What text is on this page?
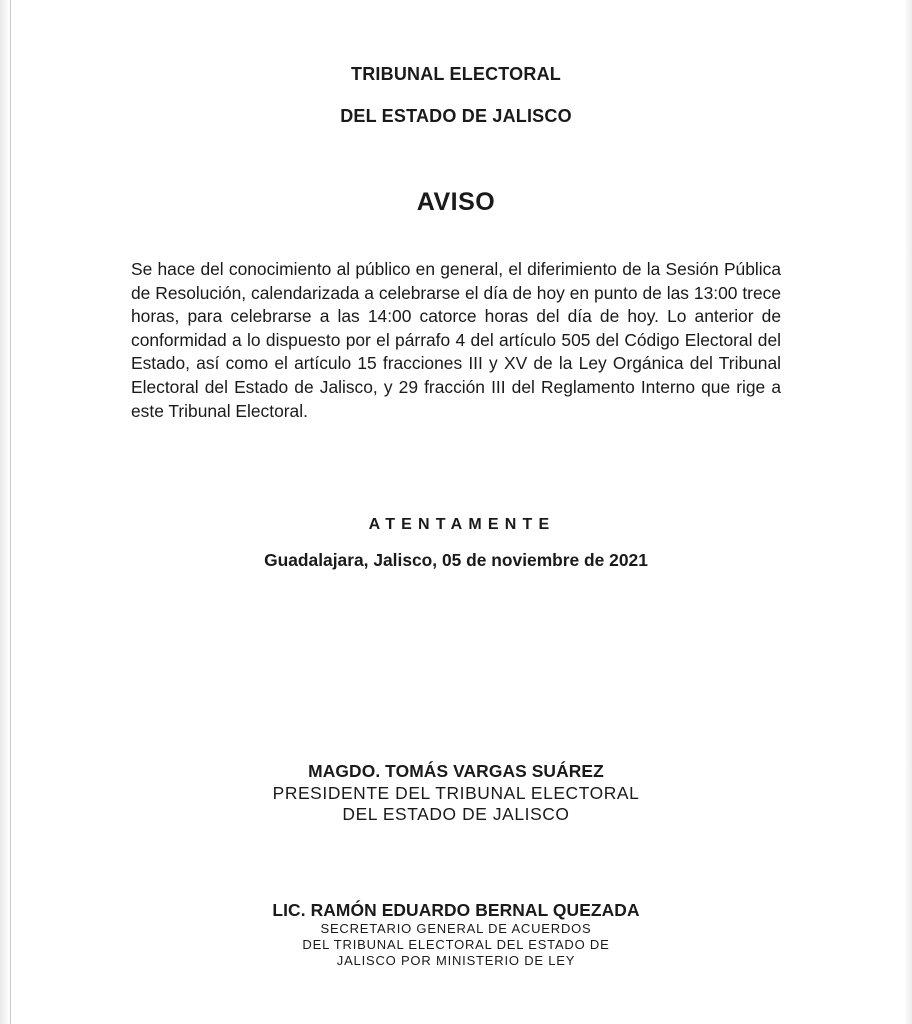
TRIBUNAL ELECTORAL
DEL ESTADO DE JALISCO
AVISO
Se hace del conocimiento al público en general, el diferimiento de la Sesión Pública de Resolución, calendarizada a celebrarse el día de hoy en punto de las 13:00 trece horas, para celebrarse a las 14:00 catorce horas del día de hoy. Lo anterior de conformidad a lo dispuesto por el párrafo 4 del artículo 505 del Código Electoral del Estado, así como el artículo 15 fracciones III y XV de la Ley Orgánica del Tribunal Electoral del Estado de Jalisco, y 29 fracción III del Reglamento Interno que rige a este Tribunal Electoral.
ATENTAMENTE
Guadalajara, Jalisco, 05 de noviembre de 2021
MAGDO. TOMÁS VARGAS SUÁREZ
PRESIDENTE DEL TRIBUNAL ELECTORAL
DEL ESTADO DE JALISCO
LIC. RAMÓN EDUARDO BERNAL QUEZADA
SECRETARIO GENERAL DE ACUERDOS
DEL TRIBUNAL ELECTORAL DEL ESTADO DE
JALISCO POR MINISTERIO DE LEY
